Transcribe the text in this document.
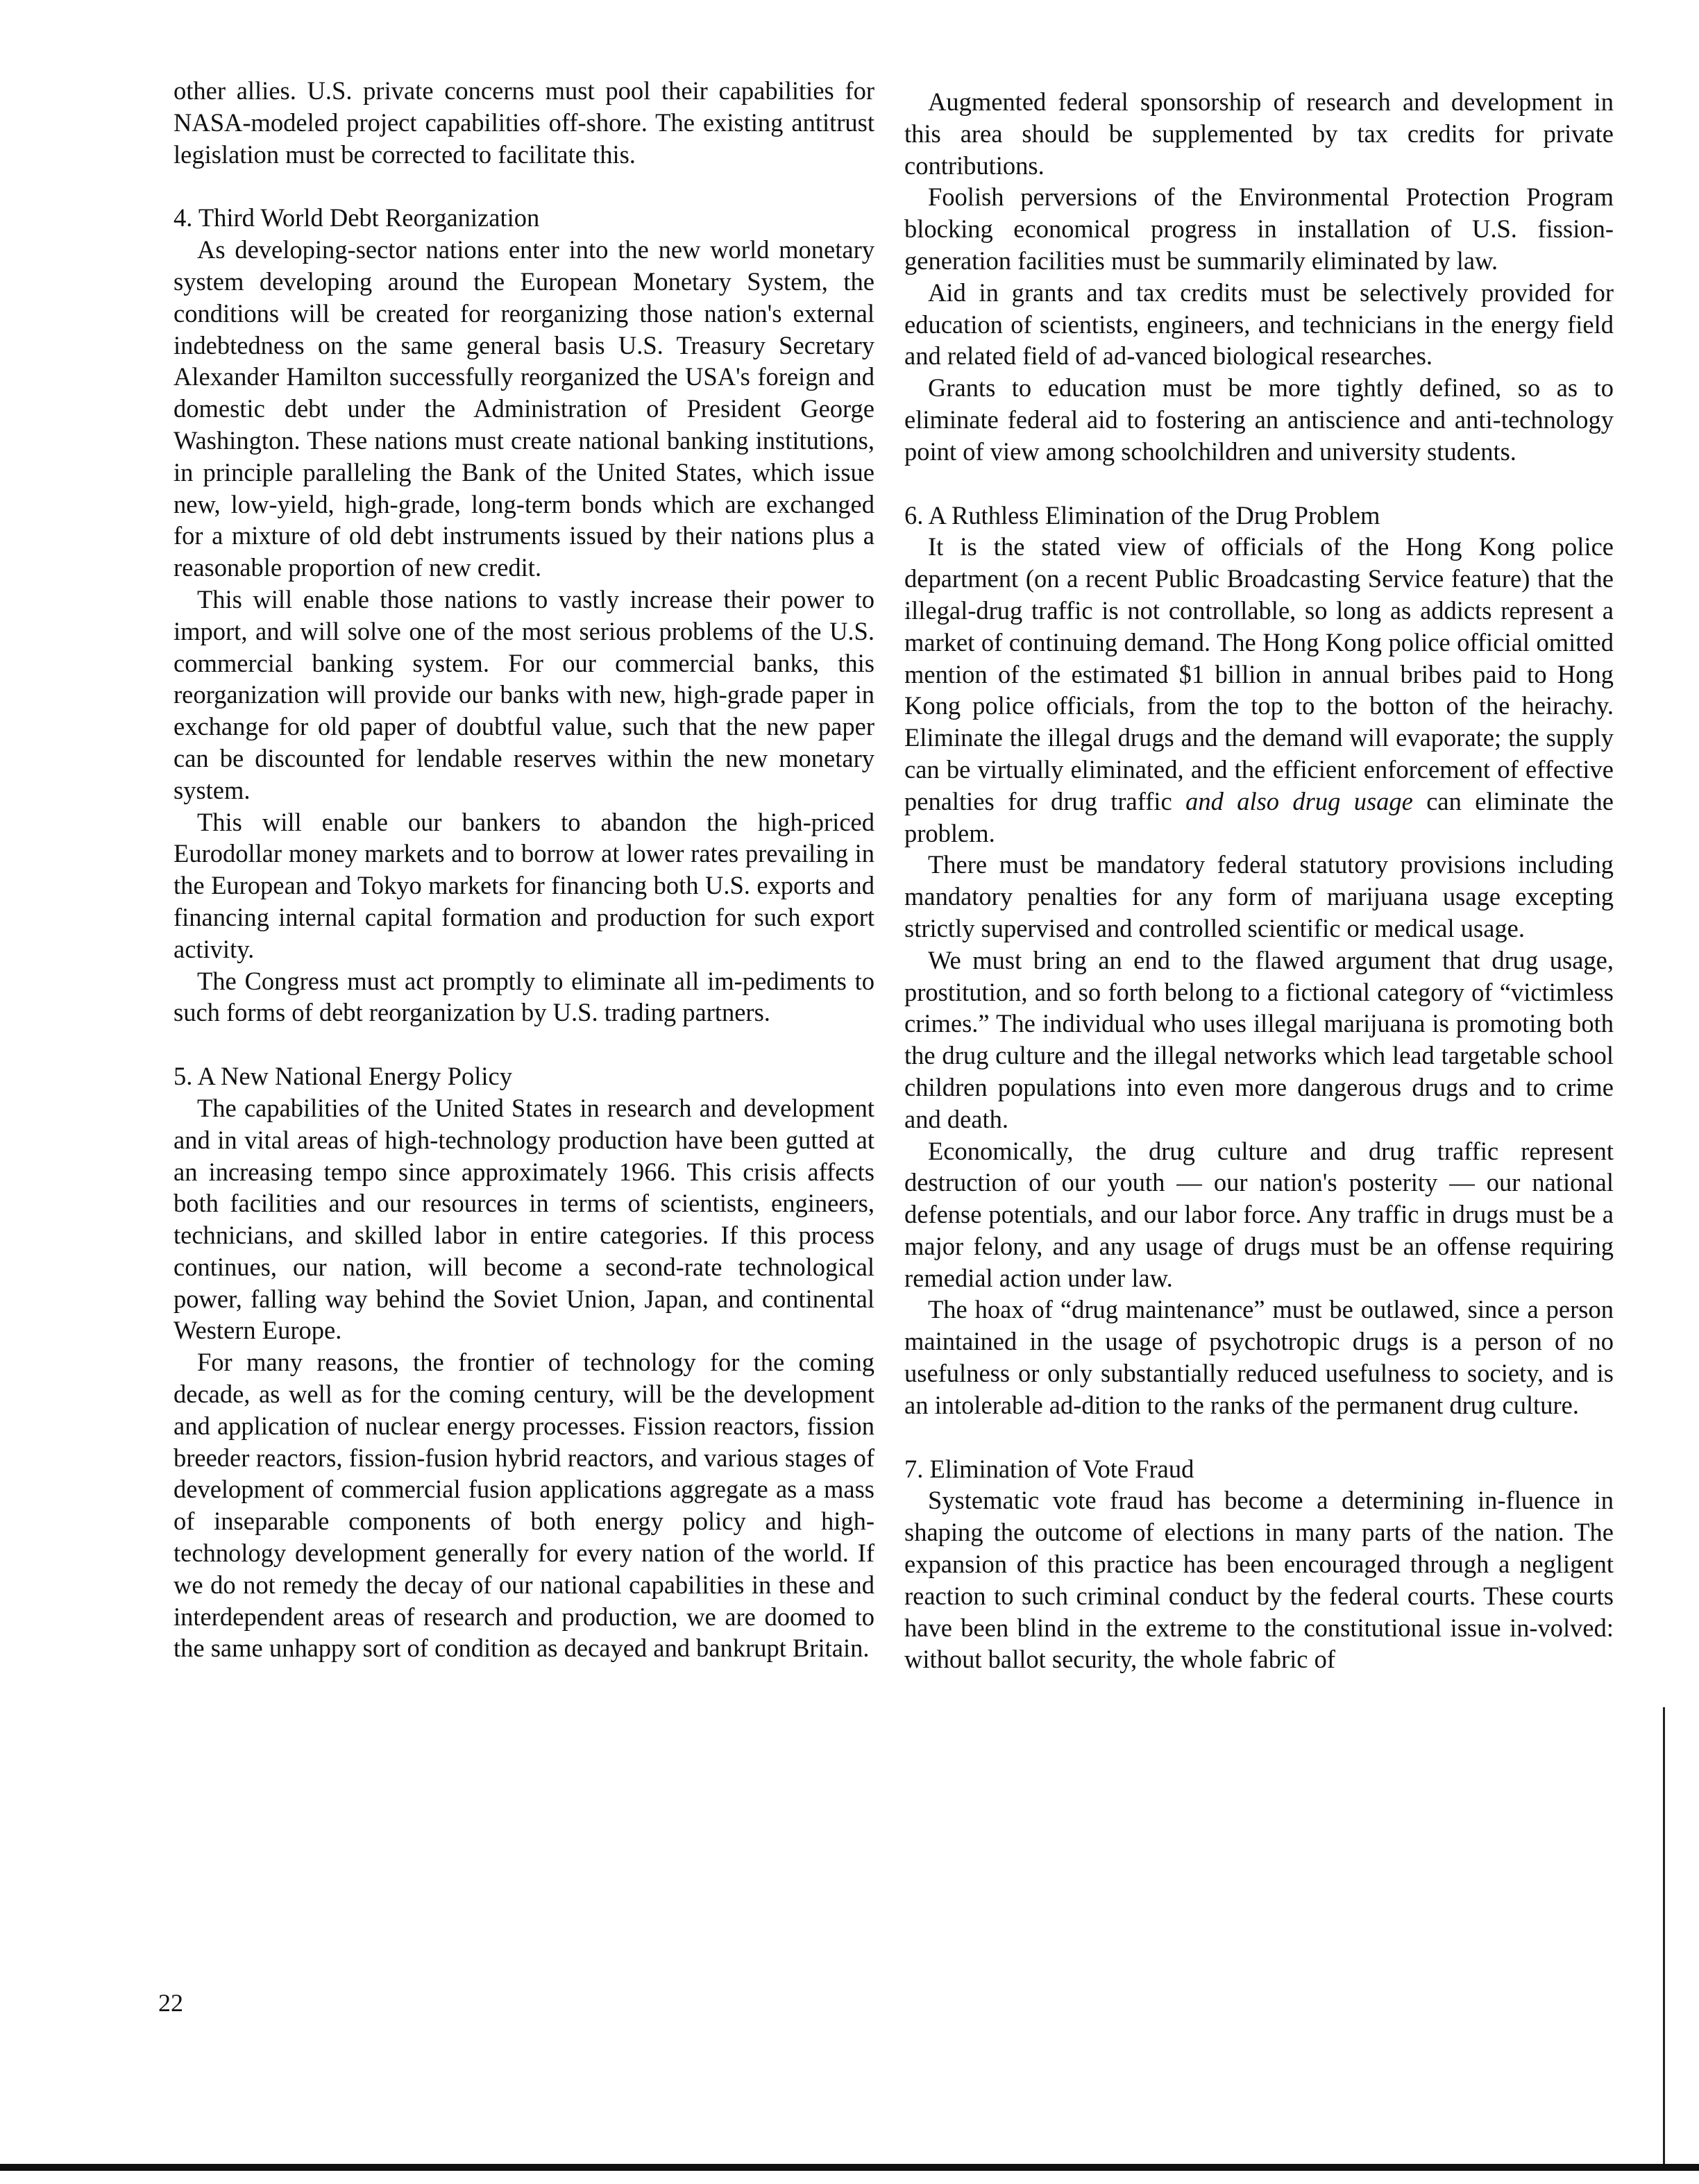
other allies. U.S. private concerns must pool their capabilities for NASA-modeled project capabilities off-shore. The existing antitrust legislation must be corrected to facilitate this.

4. Third World Debt Reorganization

As developing-sector nations enter into the new world monetary system developing around the European Monetary System, the conditions will be created for reorganizing those nation's external indebtedness on the same general basis U.S. Treasury Secretary Alexander Hamilton successfully reorganized the USA's foreign and domestic debt under the Administration of President George Washington. These nations must create national banking institutions, in principle paralleling the Bank of the United States, which issue new, low-yield, high-grade, long-term bonds which are exchanged for a mixture of old debt instruments issued by their nations plus a reasonable proportion of new credit.

This will enable those nations to vastly increase their power to import, and will solve one of the most serious problems of the U.S. commercial banking system. For our commercial banks, this reorganization will provide our banks with new, high-grade paper in exchange for old paper of doubtful value, such that the new paper can be discounted for lendable reserves within the new monetary system.

This will enable our bankers to abandon the high-priced Eurodollar money markets and to borrow at lower rates prevailing in the European and Tokyo markets for financing both U.S. exports and financing internal capital formation and production for such export activity.

The Congress must act promptly to eliminate all im-pediments to such forms of debt reorganization by U.S. trading partners.

5. A New National Energy Policy

The capabilities of the United States in research and development and in vital areas of high-technology production have been gutted at an increasing tempo since approximately 1966. This crisis affects both facilities and our resources in terms of scientists, engineers, technicians, and skilled labor in entire categories. If this process continues, our nation, will become a second-rate technological power, falling way behind the Soviet Union, Japan, and continental Western Europe.

For many reasons, the frontier of technology for the coming decade, as well as for the coming century, will be the development and application of nuclear energy processes. Fission reactors, fission breeder reactors, fission-fusion hybrid reactors, and various stages of development of commercial fusion applications aggregate as a mass of inseparable components of both energy policy and high-technology development generally for every nation of the world. If we do not remedy the decay of our national capabilities in these and interdependent areas of research and production, we are doomed to the same unhappy sort of condition as decayed and bankrupt Britain.

Augmented federal sponsorship of research and development in this area should be supplemented by tax credits for private contributions.

Foolish perversions of the Environmental Protection Program blocking economical progress in installation of U.S. fission-generation facilities must be summarily eliminated by law.

Aid in grants and tax credits must be selectively provided for education of scientists, engineers, and technicians in the energy field and related field of ad-vanced biological researches.

Grants to education must be more tightly defined, so as to eliminate federal aid to fostering an antiscience and anti-technology point of view among schoolchildren and university students.

6. A Ruthless Elimination of the Drug Problem

It is the stated view of officials of the Hong Kong police department (on a recent Public Broadcasting Service feature) that the illegal-drug traffic is not controllable, so long as addicts represent a market of continuing demand. The Hong Kong police official omitted mention of the estimated $1 billion in annual bribes paid to Hong Kong police officials, from the top to the botton of the heirachy. Eliminate the illegal drugs and the demand will evaporate; the supply can be virtually eliminated, and the efficient enforcement of effective penalties for drug traffic and also drug usage can eliminate the problem.

There must be mandatory federal statutory provisions including mandatory penalties for any form of marijuana usage excepting strictly supervised and controlled scientific or medical usage.

We must bring an end to the flawed argument that drug usage, prostitution, and so forth belong to a fictional category of “victimless crimes.” The individual who uses illegal marijuana is promoting both the drug culture and the illegal networks which lead targetable school children populations into even more dangerous drugs and to crime and death.

Economically, the drug culture and drug traffic represent destruction of our youth — our nation's posterity — our national defense potentials, and our labor force. Any traffic in drugs must be a major felony, and any usage of drugs must be an offense requiring remedial action under law.

The hoax of “drug maintenance” must be outlawed, since a person maintained in the usage of psychotropic drugs is a person of no usefulness or only substantially reduced usefulness to society, and is an intolerable ad-dition to the ranks of the permanent drug culture.

7. Elimination of Vote Fraud

Systematic vote fraud has become a determining in-fluence in shaping the outcome of elections in many parts of the nation. The expansion of this practice has been encouraged through a negligent reaction to such criminal conduct by the federal courts. These courts have been blind in the extreme to the constitutional issue in-volved: without ballot security, the whole fabric of

22
